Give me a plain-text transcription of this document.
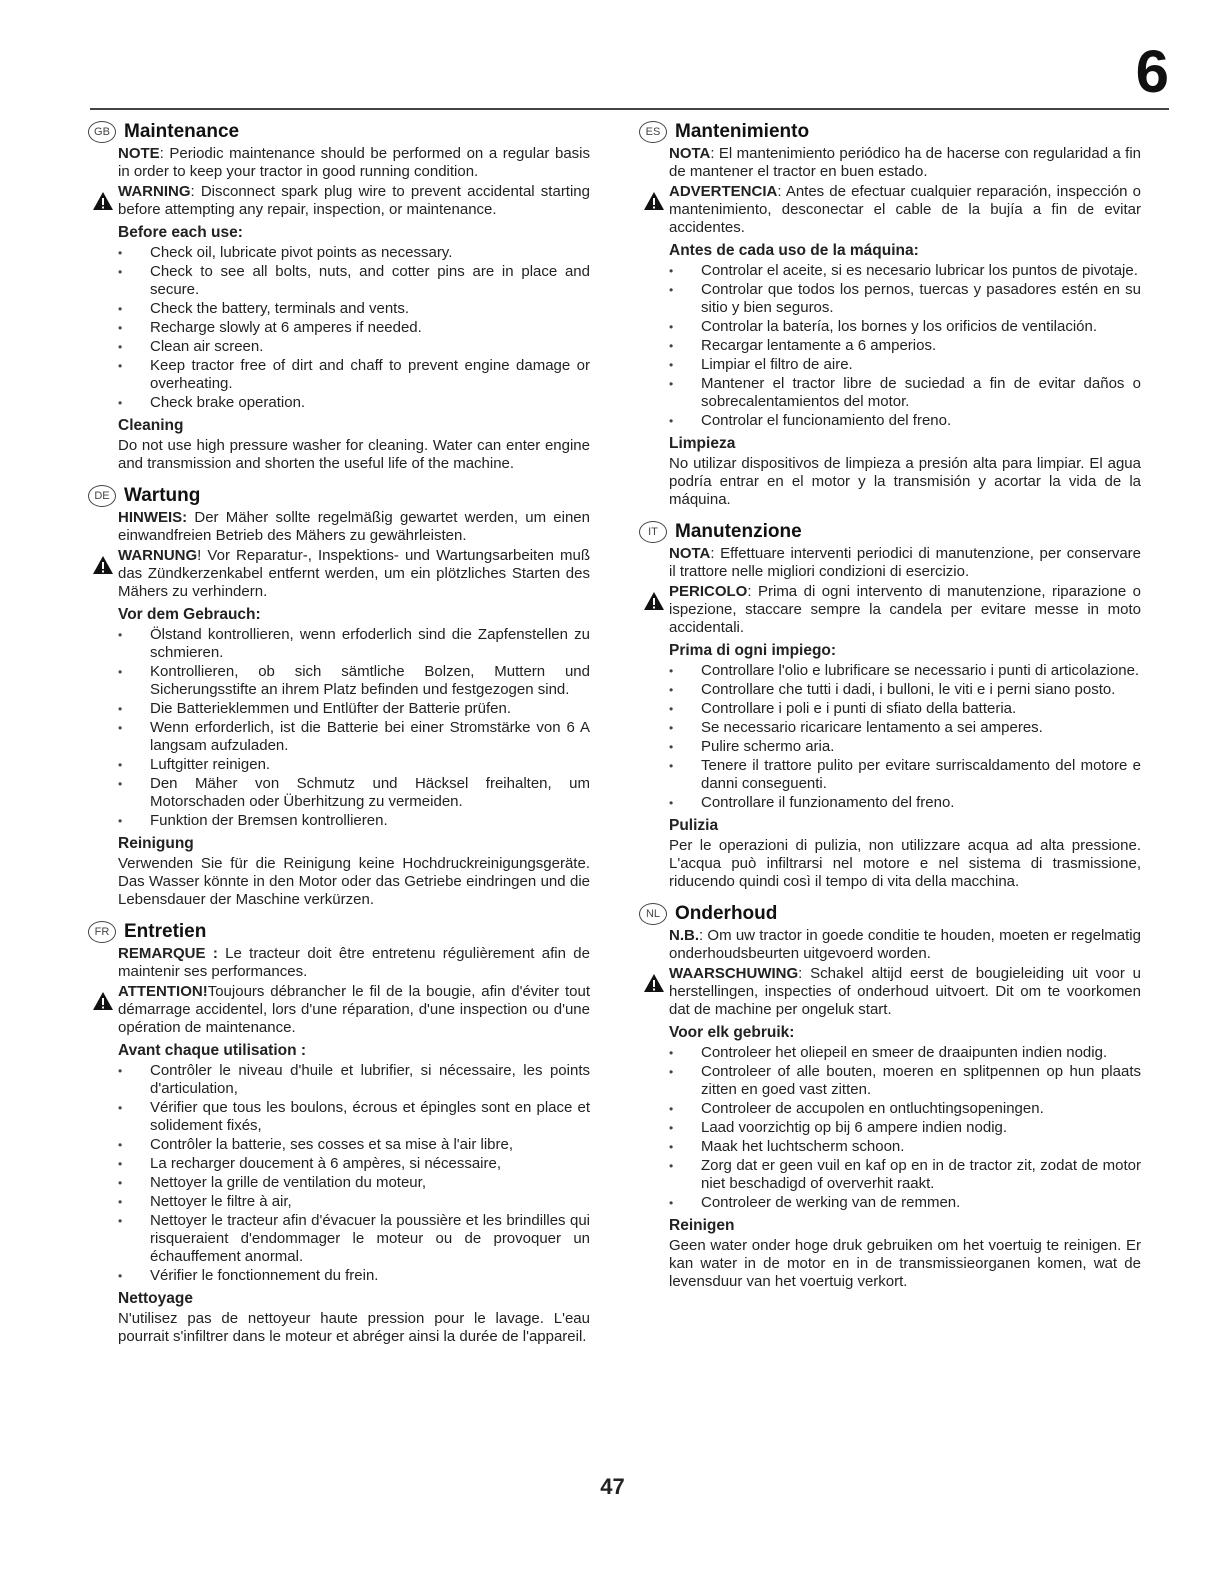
6
GB Maintenance

NOTE: Periodic maintenance should be performed on a regular basis in order to keep your tractor in good running condition.

WARNING: Disconnect spark plug wire to prevent accidental starting before attempting any repair, inspection, or maintenance.

Before each use:
• Check oil, lubricate pivot points as necessary.
• Check to see all bolts, nuts, and cotter pins are in place and secure.
• Check the battery, terminals and vents.
• Recharge slowly at 6 amperes if needed.
• Clean air screen.
• Keep tractor free of dirt and chaff to prevent engine damage or overheating.
• Check brake operation.
Cleaning

Do not use high pressure washer for cleaning. Water can enter engine and transmission and shorten the useful life of the machine.

DE Wartung

HINWEIS: Der Mäher sollte regelmäßig gewartet werden, um einen einwandfreien Betrieb des Mähers zu gewährleisten.

WARNUNG! Vor Reparatur-, Inspektions- und Wartungsarbeiten muß das Zündkerzenkabel entfernt werden, um ein plötzliches Starten des Mähers zu verhindern.

Vor dem Gebrauch:
• Ölstand kontrollieren, wenn erfoderlich sind die Zapfenstellen zu schmieren.
• Kontrollieren, ob sich sämtliche Bolzen, Muttern und Sicherungsstifte an ihrem Platz befinden und festgezogen sind.
• Die Batterieklemmen und Entlüfter der Batterie prüfen.
• Wenn erforderlich, ist die Batterie bei einer Stromstärke von 6 A langsam aufzuladen.
• Luftgitter reinigen.
• Den Mäher von Schmutz und Häcksel freihalten, um Motorschaden oder Überhitzung zu vermeiden.
• Funktion der Bremsen kontrollieren.
Reinigung

Verwenden Sie für die Reinigung keine Hochdruckreinigungsgeräte. Das Wasser könnte in den Motor oder das Getriebe eindringen und die Lebensdauer der Maschine verkürzen.

FR Entretien

REMARQUE : Le tracteur doit être entretenu régulièrement afin de maintenir ses performances.

ATTENTION!Toujours débrancher le fil de la bougie, afin d'éviter tout démarrage accidentel, lors d'une réparation, d'une inspection ou d'une opération de maintenance.

Avant chaque utilisation :
• Contrôler le niveau d'huile et lubrifier, si nécessaire, les points d'articulation,
• Vérifier que tous les boulons, écrous et épingles sont en place et solidement fixés,
• Contrôler la batterie, ses cosses et sa mise à l'air libre,
• La recharger doucement à 6 ampères, si nécessaire,
• Nettoyer la grille de ventilation du moteur,
• Nettoyer le filtre à air,
• Nettoyer le tracteur afin d'évacuer la poussière et les brindilles qui risqueraient d'endommager le moteur ou de provoquer un échauffement anormal.
• Vérifier le fonctionnement du frein.
Nettoyage

N'utilisez pas de nettoyeur haute pression pour le lavage. L'eau pourrait s'infiltrer dans le moteur et abréger ainsi la durée de l'appareil.

ES Mantenimiento

NOTA: El mantenimiento periódico ha de hacerse con regularidad a fin de mantener el tractor en buen estado.

ADVERTENCIA: Antes de efectuar cualquier reparación, inspección o mantenimiento, desconectar el cable de la bujía a fin de evitar accidentes.

Antes de cada uso de la máquina:
• Controlar el aceite, si es necesario lubricar los puntos de pivotaje.
• Controlar que todos los pernos, tuercas y pasadores estén en su sitio y bien seguros.
• Controlar la batería, los bornes y los orificios de ventilación.
• Recargar lentamente a 6 amperios.
• Limpiar el filtro de aire.
• Mantener el tractor libre de suciedad a fin de evitar daños o sobrecalentamientos del motor.
• Controlar el funcionamiento del freno.
Limpieza

No utilizar dispositivos de limpieza a presión alta para limpiar. El agua podría entrar en el motor y la transmisión y acortar la vida de la máquina.

IT Manutenzione

NOTA: Effettuare interventi periodici di manutenzione, per conservare il trattore nelle migliori condizioni di esercizio.

PERICOLO: Prima di ogni intervento di manutenzione, riparazione o ispezione, staccare sempre la candela per evitare messe in moto accidentali.

Prima di ogni impiego:
• Controllare l'olio e lubrificare se necessario i punti di articolazione.
• Controllare che tutti i dadi, i bulloni, le viti e i perni siano posto.
• Controllare i poli e i punti di sfiato della batteria.
• Se necessario ricaricare lentamento a sei amperes.
• Pulire schermo aria.
• Tenere il trattore pulito per evitare surriscaldamento del motore e danni conseguenti.
• Controllare il funzionamento del freno.
Pulizia

Per le operazioni di pulizia, non utilizzare acqua ad alta pressione. L'acqua può infiltrarsi nel motore e nel sistema di trasmissione, riducendo quindi così il tempo di vita della macchina.

NL Onderhoud

N.B.: Om uw tractor in goede conditie te houden, moeten er regelmatig onderhoudsbeurten uitgevoerd worden.

WAARSCHUWING: Schakel altijd eerst de bougieleiding uit voor u herstellingen, inspecties of onderhoud uitvoert. Dit om te voorkomen dat de machine per ongeluk start.

Voor elk gebruik:
• Controleer het oliepeil en smeer de draaipunten indien nodig.
• Controleer of alle bouten, moeren en splitpennen op hun plaats zitten en goed vast zitten.
• Controleer de accupolen en ontluchtingsopeningen.
• Laad voorzichtig op bij 6 ampere indien nodig.
• Maak het luchtscherm schoon.
• Zorg dat er geen vuil en kaf op en in de tractor zit, zodat de motor niet beschadigd of oververhit raakt.
• Controleer de werking van de remmen.
Reinigen

Geen water onder hoge druk gebruiken om het voertuig te reinigen. Er kan water in de motor en in de transmissieorganen komen, wat de levensduur van het voertuig verkort.

47
